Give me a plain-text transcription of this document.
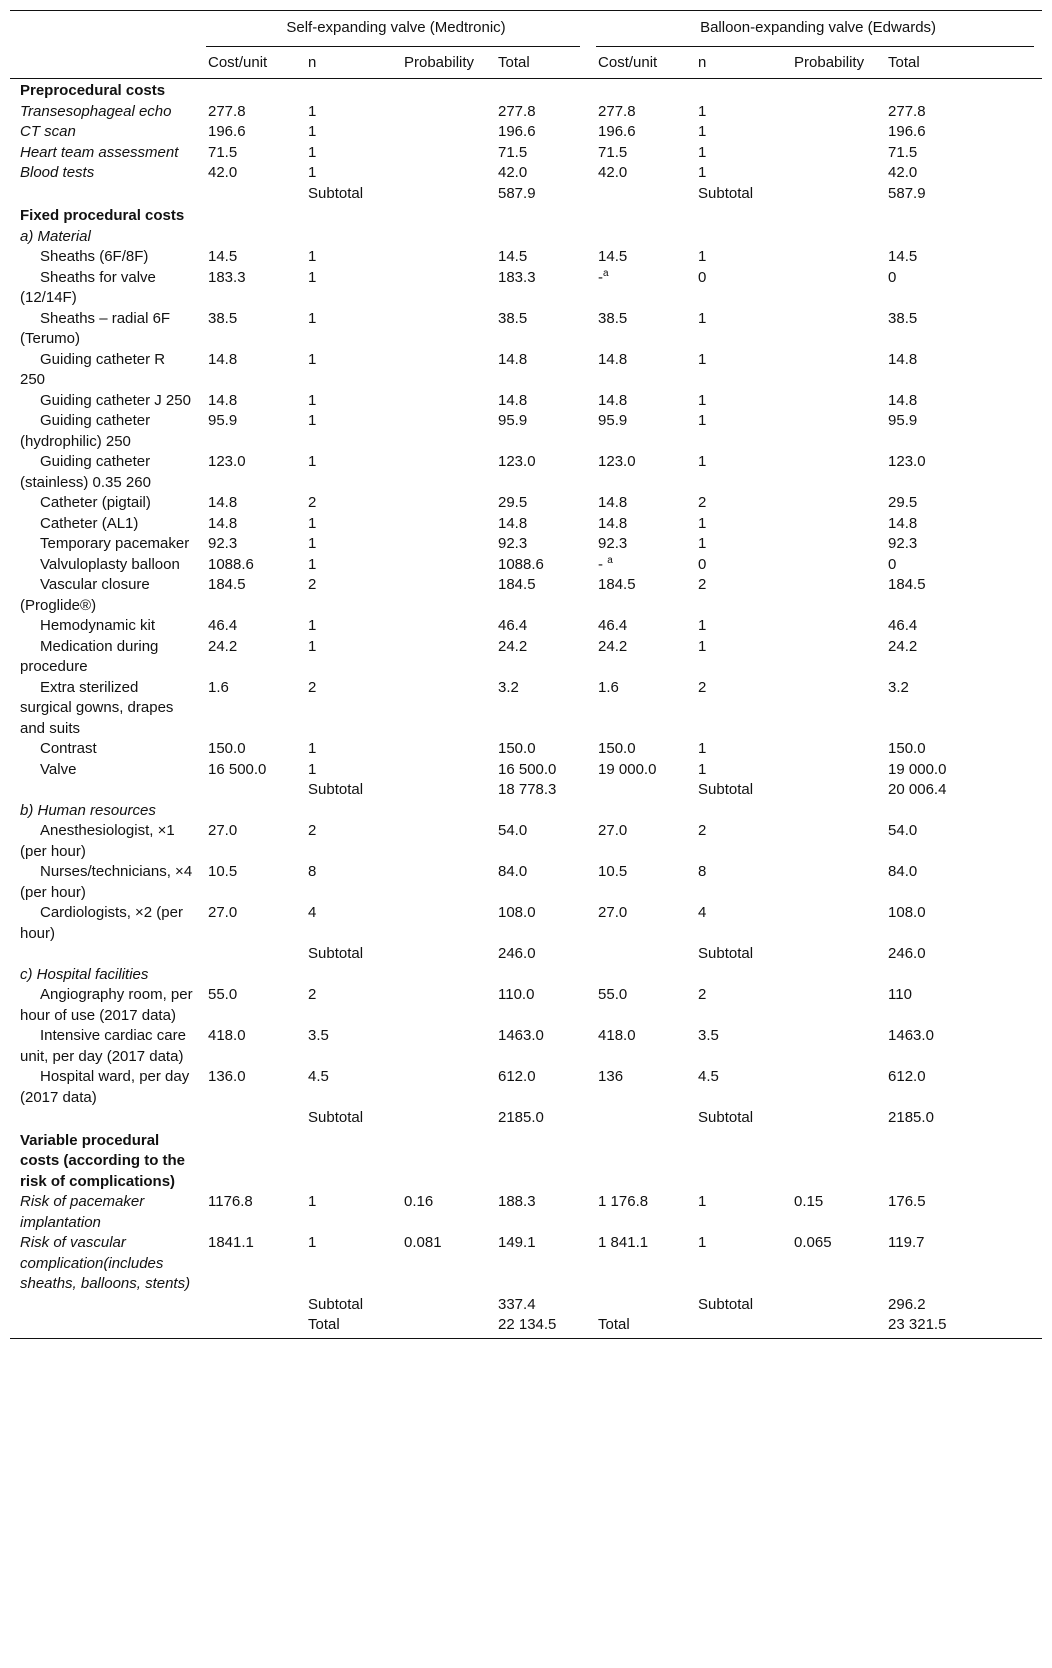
	Self-expanding valve (Medtronic)				Balloon-expanding valve (Edwards)			

	Cost/unit	n	Probability	Total	Cost/unit	n	Probability	Total
Preprocedural costs								
Transesophageal echo	277.8	1		277.8	277.8	1		277.8
CT scan	196.6	1		196.6	196.6	1		196.6
Heart team assessment	71.5	1		71.5	71.5	1		71.5
Blood tests	42.0	1		42.0	42.0	1		42.0
		Subtotal		587.9		Subtotal		587.9
Fixed procedural costs								
a) Material								
Sheaths (6F/8F)	14.5	1		14.5	14.5	1		14.5
Sheaths for valve (12/14F)	183.3	1		183.3	-$^a$	0		0
Sheaths – radial 6F (Terumo)	38.5	1		38.5	38.5	1		38.5
Guiding catheter R 250	14.8	1		14.8	14.8	1		14.8
Guiding catheter J 250	14.8	1		14.8	14.8	1		14.8
Guiding catheter (hydrophilic) 250	95.9	1		95.9	95.9	1		95.9
Guiding catheter (stainless) 0.35 260	123.0	1		123.0	123.0	1		123.0
Catheter (pigtail)	14.8	2		29.5	14.8	2		29.5
Catheter (AL1)	14.8	1		14.8	14.8	1		14.8
Temporary pacemaker	92.3	1		92.3	92.3	1		92.3
Valvuloplasty balloon	1088.6	1		1088.6	- $^a$	0		0
Vascular closure (Proglide®)	184.5	2		184.5	184.5	2		184.5
Hemodynamic kit	46.4	1		46.4	46.4	1		46.4
Medication during procedure	24.2	1		24.2	24.2	1		24.2
Extra sterilized surgical gowns, drapes and suits	1.6	2		3.2	1.6	2		3.2
Contrast	150.0	1		150.0	150.0	1		150.0
Valve	16 500.0	1		16 500.0	19 000.0	1		19 000.0
		Subtotal		18 778.3		Subtotal		20 006.4
b) Human resources								
Anesthesiologist, ×1 (per hour)	27.0	2		54.0	27.0	2		54.0
Nurses/technicians, ×4 (per hour)	10.5	8		84.0	10.5	8		84.0
Cardiologists, ×2 (per hour)	27.0	4		108.0	27.0	4		108.0
		Subtotal		246.0		Subtotal		246.0
c) Hospital facilities								
Angiography room, per hour of use (2017 data)	55.0	2		110.0	55.0	2		110
Intensive cardiac care unit, per day (2017 data)	418.0	3.5		1463.0	418.0	3.5		1463.0
Hospital ward, per day (2017 data)	136.0	4.5		612.0	136	4.5		612.0
		Subtotal		2185.0		Subtotal		2185.0
Variable procedural costs (according to the risk of complications)								
Risk of pacemaker implantation	1176.8	1	0.16	188.3	1 176.8	1	0.15	176.5
Risk of vascular complication(includes sheaths, balloons, stents)	1841.1	1	0.081	149.1	1 841.1	1	0.065	119.7
		Subtotal		337.4		Subtotal		296.2
		Total		22 134.5	Total			23 321.5
